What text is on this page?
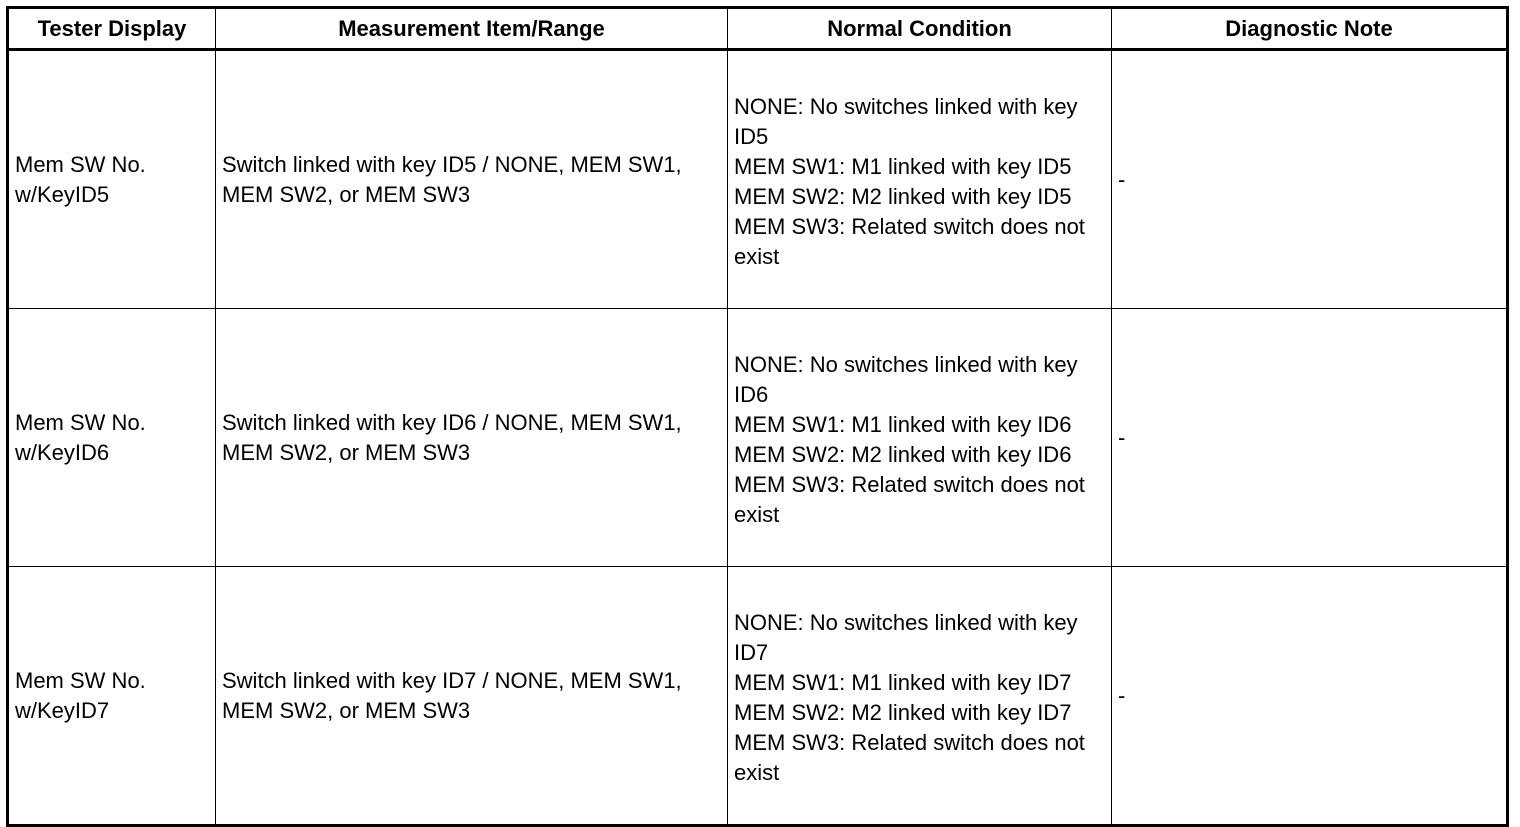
Tester Display	Measurement Item/Range	Normal Condition	Diagnostic Note
Mem SW No. w/KeyID5	Switch linked with key ID5 / NONE, MEM SW1, MEM SW2, or MEM SW3	NONE: No switches linked with key ID5
MEM SW1: M1 linked with key ID5
MEM SW2: M2 linked with key ID5
MEM SW3: Related switch does not exist	-
Mem SW No. w/KeyID6	Switch linked with key ID6 / NONE, MEM SW1, MEM SW2, or MEM SW3	NONE: No switches linked with key ID6
MEM SW1: M1 linked with key ID6
MEM SW2: M2 linked with key ID6
MEM SW3: Related switch does not exist	-
Mem SW No. w/KeyID7	Switch linked with key ID7 / NONE, MEM SW1, MEM SW2, or MEM SW3	NONE: No switches linked with key ID7
MEM SW1: M1 linked with key ID7
MEM SW2: M2 linked with key ID7
MEM SW3: Related switch does not exist	-
